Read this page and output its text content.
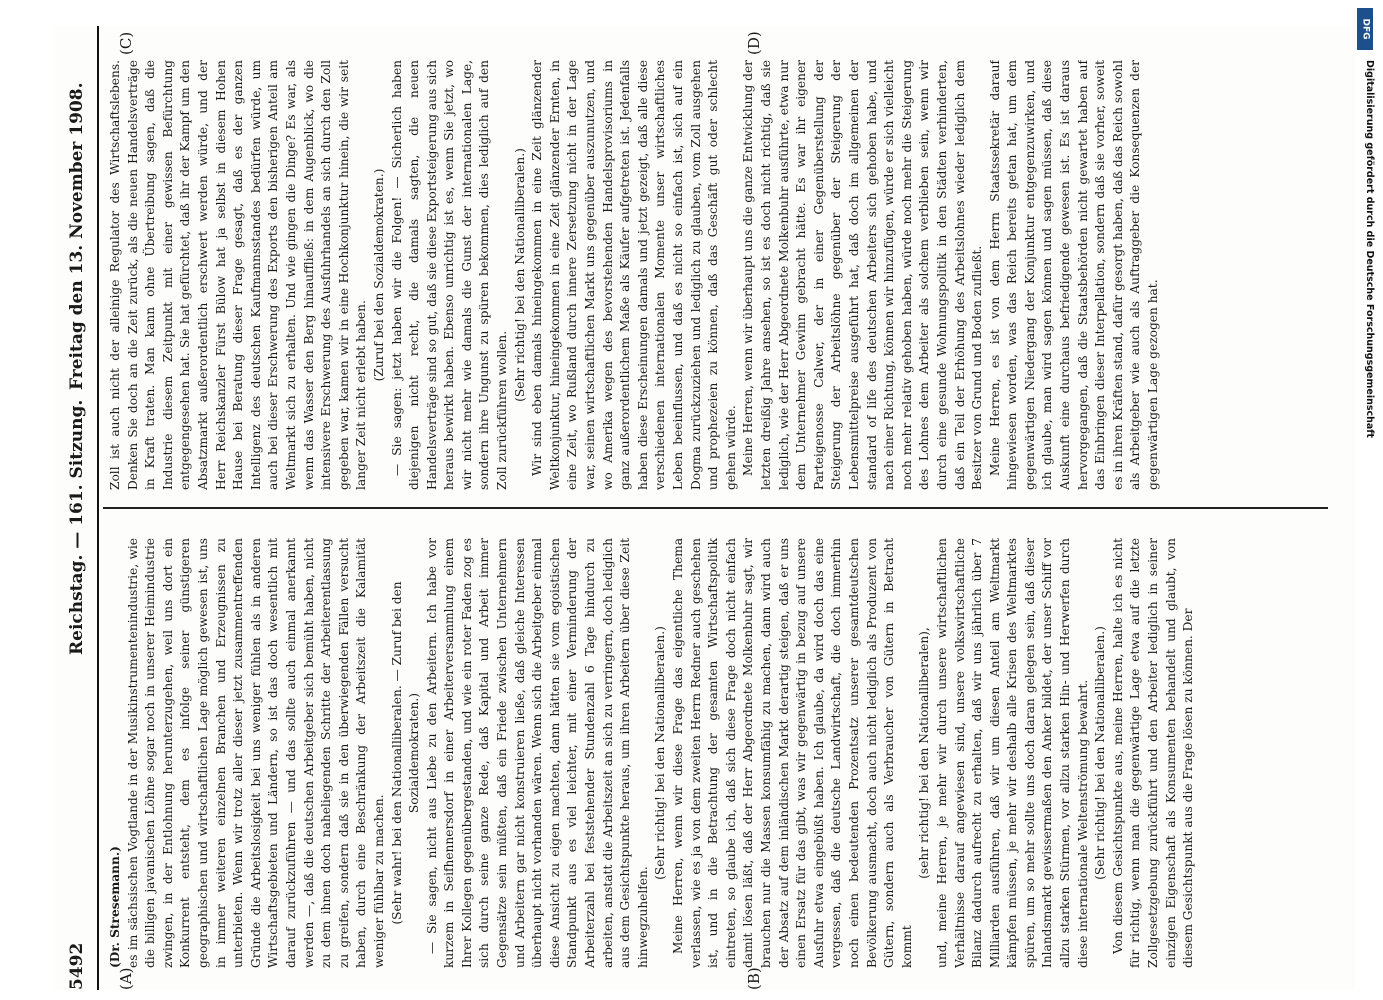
5492
Reichstag. — 161. Sitzung.
Freitag den 13. November 1908.
(A)	(B)
(C)	(D)

(Dr. Stresemann.) es im sächsischen Vogtlande in der Musikinstrumentenindustrie, wie die billigen javanischen Löhne sogar noch in unserer Heimindustrie zwingen, in der Entlohnung herunterzugehen, weil uns dort ein Konkurrent entsteht, dem es infolge seiner günstigeren geographischen und wirtschaftlichen Lage möglich gewesen ist, uns in immer weiteren einzelnen Branchen und Erzeugnissen zu unterbieten. Wenn wir trotz aller dieser jetzt zusammentreffenden Gründe die Arbeitslosigkeit bei uns weniger fühlen als in anderen Wirtschaftsgebieten und Ländern, so ist das doch wesentlich mit darauf zurückzuführen — und das sollte auch einmal anerkannt werden —, daß die deutschen Arbeitgeber sich bemüht haben, nicht zu dem ihnen doch naheliegenden Schritte der Arbeiterentlassung zu greifen, sondern daß sie in den überwiegenden Fällen versucht haben, durch eine Beschränkung der Arbeitszeit die Kalamität weniger fühlbar zu machen. (Sehr wahr! bei den Nationalliberalen. — Zuruf bei den Sozialdemokraten.) — Sie sagen, nicht aus Liebe zu den Arbeitern. Ich habe vor kurzem in Seifhennersdorf in einer Arbeiterversammlung einem Ihrer Kollegen gegenübergestanden, und wie ein roter Faden zog es sich durch seine ganze Rede, daß Kapital und Arbeit immer Gegensätze sein müßten, daß ein Friede zwischen Unternehmern und Arbeitern gar nicht konstruieren ließe, daß gleiche Interessen überhaupt nicht vorhanden wären. Wenn sich die Arbeitgeber einmal diese Ansicht zu eigen machten, dann hätten sie vom egoistischen Standpunkt aus es viel leichter, mit einer Verminderung der Arbeiterzahl bei feststehender Stundenzahl 6 Tage hindurch zu arbeiten, anstatt die Arbeitszeit an sich zu verringern, doch lediglich aus dem Gesichtspunkte heraus, um ihren Arbeitern über diese Zeit hinwegzuhelfen.

(Sehr richtig! bei den Nationalliberalen.) Meine Herren, wenn wir diese Frage das eigentliche Thema verlassen, wie es ja von dem zweiten Herrn Redner auch geschehen ist, und in die Betrachtung der gesamten Wirtschaftspolitik eintreten, so glaube ich, daß sich diese Frage doch nicht einfach damit lösen läßt, daß der Herr Abgeordnete Molkenbuhr sagt, wir brauchen nur die Massen konsumfähig zu machen, dann wird auch der Absatz auf dem inländischen Markt derartig steigen, daß er uns einen Ersatz für das gibt, was wir gegenwärtig in bezug auf unsere Ausfuhr etwa eingebüßt haben. Ich glaube, da wird doch das eine vergessen, daß die deutsche Landwirtschaft, die doch immerhin noch einen bedeutenden Prozentsatz unserer gesamtdeutschen Bevölkerung ausmacht, doch auch nicht lediglich als Produzent von Gütern, sondern auch als Verbraucher von Gütern in Betracht kommt

(sehr richtig! bei den Nationalliberalen), und, meine Herren, je mehr wir durch unsere wirtschaftlichen Verhältnisse darauf angewiesen sind, unsere volkswirtschaftliche Bilanz dadurch aufrecht zu erhalten, daß wir uns jährlich über 7 Milliarden ausführen, daß wir um diesen Anteil am Weltmarkt kämpfen müssen, je mehr wir deshalb alle Krisen des Weltmarktes spüren, um so mehr sollte uns doch daran gelegen sein, daß dieser Inlandsmarkt gewissermaßen den Anker bildet, der unser Schiff vor allzu starken Stürmen, vor allzu starken Hin- und Herwerfen durch diese internationale Weltenströmung bewahrt. (Sehr richtig! bei den Nationalliberalen.) Von diesem Gesichtspunkte aus, meine Herren, halte ich es nicht für richtig, wenn man die gegenwärtige Lage etwa auf die letzte Zollgesetzgebung zurückführt und den Arbeiter lediglich in seiner einzigen Eigenschaft als Konsumenten behandelt und glaubt, von diesem Gesichtspunkt aus die Frage lösen zu können. Der

Zoll ist auch nicht der alleinige Regulator des Wirtschaftslebens. Denken Sie doch an die Zeit zurück, als die neuen Handelsverträge in Kraft traten. Man kann ohne Übertreibung sagen, daß die Industrie diesem Zeitpunkt mit einer gewissen Befürchtung entgegengesehen hat. Sie hat gefürchtet, daß ihr der Kampf um den Absatzmarkt außerordentlich erschwert werden würde, und der Herr Reichskanzler Fürst Bülow hat ja selbst in diesem Hohen Hause bei Beratung dieser Frage gesagt, daß es der ganzen Intelligenz des deutschen Kaufmannsstandes bedürfen würde, um auch bei dieser Erschwerung des Exports den bisherigen Anteil am Weltmarkt sich zu erhalten. Und wie gingen die Dinge? Es war, als wenn das Wasser den Berg hinauffließ: in dem Augenblick, wo die intensivere Erschwerung des Ausfuhrhandels an sich durch den Zoll gegeben war, kamen wir in eine Hochkonjunktur hinein, die wir seit langer Zeit nicht erlebt haben.

(Zuruf bei den Sozialdemokraten.) — Sie sagen: jetzt haben wir die Folgen! — Sicherlich haben diejenigen nicht recht, die damals sagten, die neuen Handelsverträge sind so gut, daß sie diese Exportsteigerung aus sich heraus bewirkt haben. Ebenso unrichtig ist es, wenn Sie jetzt, wo wir nicht mehr wie damals die Gunst der internationalen Lage, sondern ihre Ungunst zu spüren bekommen, dies lediglich auf den Zoll zurückführen wollen.

(Sehr richtig! bei den Nationalliberalen.) Wir sind eben damals hineingekommen in eine Zeit glänzender Weltkonjunktur, hineingekommen in eine Zeit glänzender Ernten, in eine Zeit, wo Rußland durch innere Zersetzung nicht in der Lage war, seinen wirtschaftlichen Markt uns gegenüber auszunutzen, und wo Amerika wegen des bevorstehenden Handelsprovisoriums in ganz außerordentlichem Maße als Käufer aufgetreten ist. Jedenfalls haben diese Erscheinungen damals und jetzt gezeigt, daß alle diese verschiedenen internationalen Momente unser wirtschaftliches Leben beeinflussen, und daß es nicht so einfach ist, sich auf ein Dogma zurückzuziehen und lediglich zu glauben, vom Zoll ausgehen und prophezeien zu können, daß das Geschäft gut oder schlecht gehen würde. Meine Herren, wenn wir überhaupt uns die ganze Entwicklung der letzten dreißig Jahre ansehen, so ist es doch nicht richtig, daß sie lediglich, wie der Herr Abgeordnete Molkenbuhr ausführte, etwa nur dem Unternehmer Gewinn gebracht hätte. Es war ihr eigener Parteigenosse Calwer, der in einer Gegenüberstellung der Steigerung der Arbeitslöhne gegenüber der Steigerung der Lebensmittelpreise ausgeführt hat, daß doch im allgemeinen der standard of life des deutschen Arbeiters sich gehoben habe, und nach einer Richtung, können wir hinzufügen, würde er sich vielleicht noch mehr relativ gehoben haben, würde noch mehr die Steigerung des Lohnes dem Arbeiter als solchem verblieben sein, wenn wir durch eine gesunde Wohnungspolitik in den Städten verhinderten, daß ein Teil der Erhöhung des Arbeitslohnes wieder lediglich dem Besitzer von Grund und Boden zufließt. Meine Herren, es ist von dem Herrn Staatssekretär darauf hingewiesen worden, was das Reich bereits getan hat, um dem gegenwärtigen Niedergang der Konjunktur entgegenzuwirken, und ich glaube, man wird sagen können und sagen müssen, daß diese Auskunft eine durchaus befriedigende gewesen ist. Es ist daraus hervorgegangen, daß die Staatsbehörden nicht gewartet haben auf das Einbringen dieser Interpellation, sondern daß sie vorher, soweit es in ihren Kräften stand, dafür gesorgt haben, daß das Reich sowohl als Arbeitgeber wie auch als Auftraggeber die Konsequenzen der gegenwärtigen Lage gezogen hat.

DFG
Digitalisierung gefördert durch die Deutsche Forschungsgemeinschaft
